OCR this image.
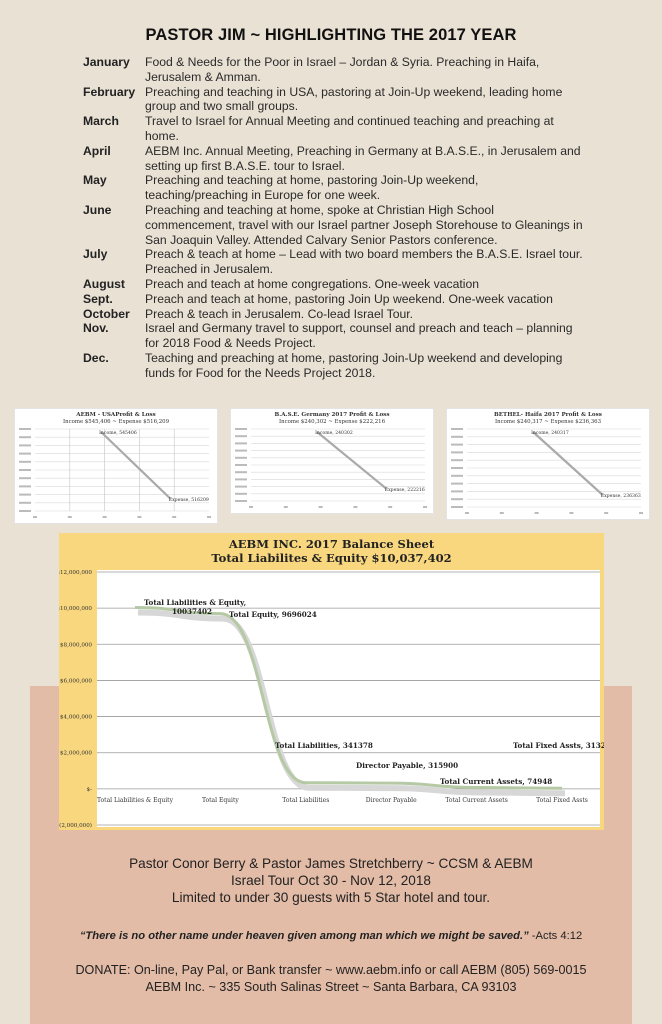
PASTOR JIM ~ HIGHLIGHTING THE 2017 YEAR
January	Food & Needs for the Poor in Israel – Jordan & Syria. Preaching in Haifa, Jerusalem & Amman.
February Preaching and teaching in USA, pastoring at Join-Up weekend, leading home group and two small groups.
March	Travel to Israel for Annual Meeting and continued teaching and preaching at home.
April	AEBM Inc. Annual Meeting, Preaching in Germany at B.A.S.E., in Jerusalem and setting up first B.A.S.E. tour to Israel.
May	Preaching and teaching at home, pastoring Join-Up weekend, teaching/preaching in Europe for one week.
June	Preaching and teaching at home, spoke at Christian High School commencement, travel with our Israel partner Joseph Storehouse to Gleanings in San Joaquin Valley. Attended Calvary Senior Pastors conference.
July	Preach & teach at home – Lead with two board members the B.A.S.E. Israel tour. Preached in Jerusalem.
August	Preach and teach at home congregations. One-week vacation
Sept.	Preach and teach at home, pastoring Join Up weekend. One-week vacation
October	Preach & teach in Jerusalem. Co-lead Israel Tour.
Nov.	Israel and Germany travel to support, counsel and preach and teach – planning for 2018 Food & Needs Project.
Dec.	Teaching and preaching at home, pastoring Join-Up weekend and developing funds for Food for the Needs Project 2018.
AEBM - USAProfit & Loss
Income $545,406 ~ Expense $516,209
Income, 545406
Expense, 516209
B.A.S.E. Germany 2017 Profit & Loss
Income $240,302 ~ Expense $222,216
Income, 240302
Expense, 222216
BETHEL- Haifa 2017 Profit & Loss
Income $240,317 ~ Expense $236,363
Income, 240317
Expense, 236363
AEBM INC. 2017 Balance Sheet
Total Liabilites & Equity $10,037,402
$12,000,000
$10,000,000
$8,000,000
$6,000,000
$4,000,000
$2,000,000
$-
$(2,000,000)
Total Liabilities & Equity	Total Equity	Total Liabilities	Director Payable	Total Current Assets	Total Fixed Assts
Total Liabilities & Equity,
10037402 Total Equity, 9696024
Total Liabilities, 341378
Director Payable, 315900
Total Current Assets, 74948
Total Fixed Assts, 31329
Pastor Conor Berry & Pastor James Stretchberry ~ CCSM & AEBM
Israel Tour Oct 30 - Nov 12, 2018
Limited to under 30 guests with 5 Star hotel and tour.
“There is no other name under heaven given among man which we might be saved.” -Acts 4:12
DONATE: On-line, Pay Pal, or Bank transfer ~ www.aebm.info or call AEBM (805) 569-0015
AEBM Inc. ~ 335 South Salinas Street ~ Santa Barbara, CA 93103
